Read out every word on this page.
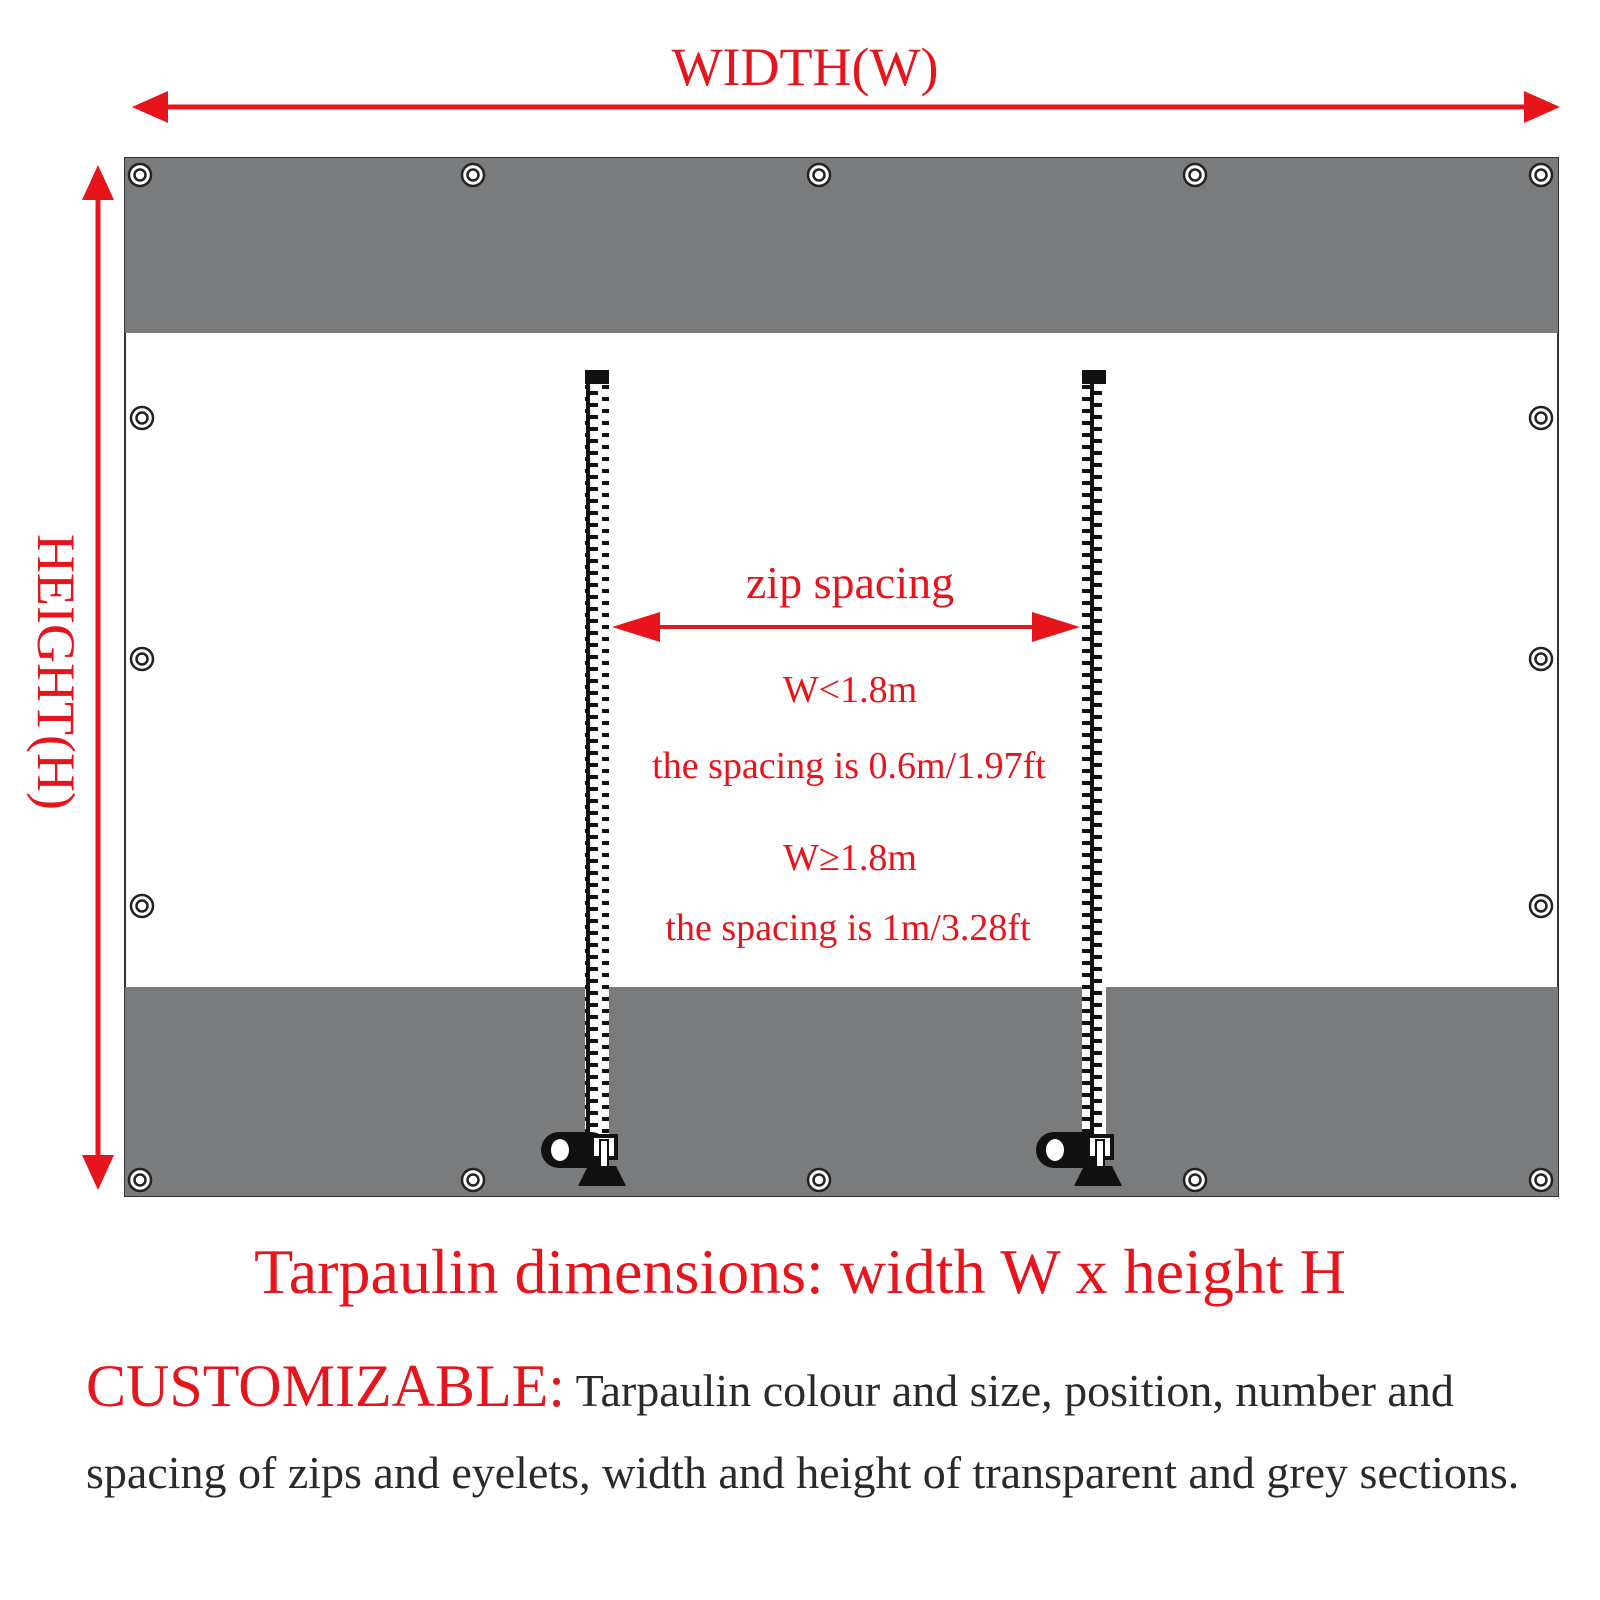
WIDTH(W)
HEIGHT(H)	zip spacing
W<1.8m
the spacing is 0.6m/1.97ft
W≥1.8m
the spacing is 1m/3.28ft
Tarpaulin dimensions: width W x height H
CUSTOMIZABLE: Tarpaulin colour and size, position, number and spacing of zips and eyelets, width and height of transparent and grey sections.
